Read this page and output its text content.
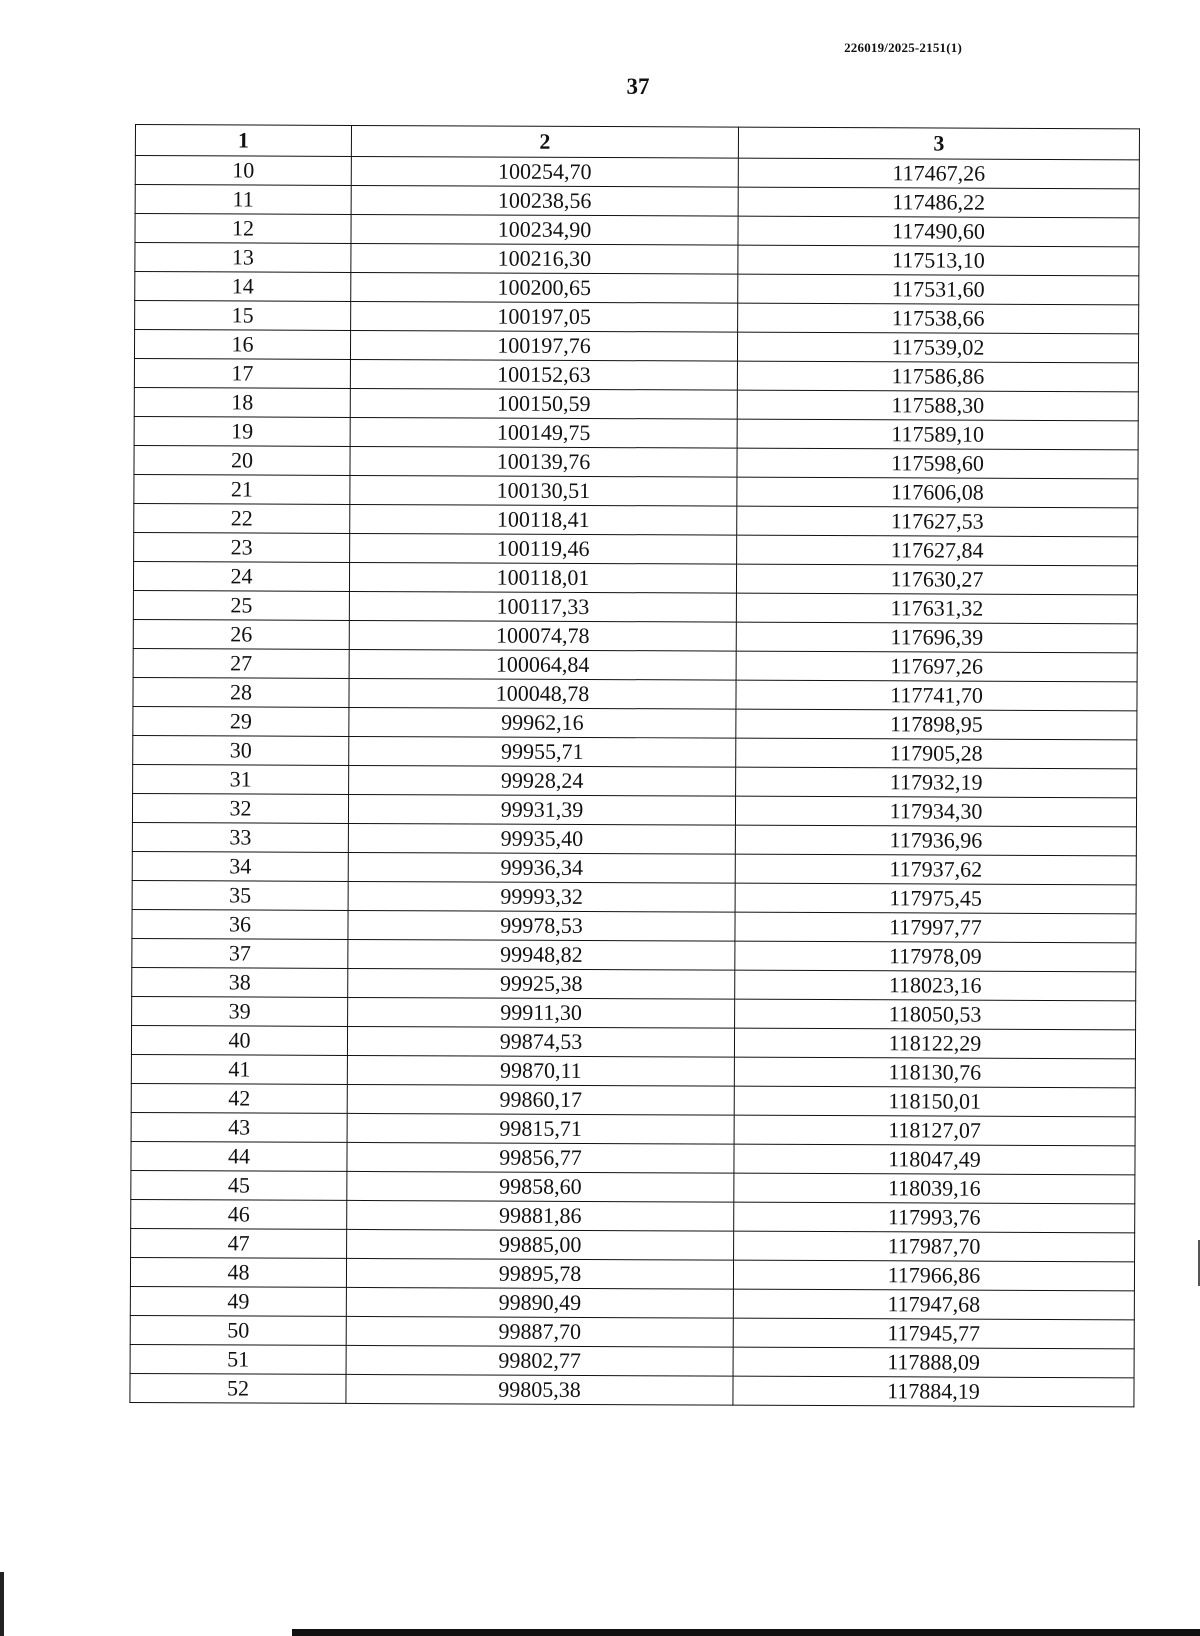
226019/2025-2151(1)
37
1	2	3
10	100254,70	117467,26
11	100238,56	117486,22
12	100234,90	117490,60
13	100216,30	117513,10
14	100200,65	117531,60
15	100197,05	117538,66
16	100197,76	117539,02
17	100152,63	117586,86
18	100150,59	117588,30
19	100149,75	117589,10
20	100139,76	117598,60
21	100130,51	117606,08
22	100118,41	117627,53
23	100119,46	117627,84
24	100118,01	117630,27
25	100117,33	117631,32
26	100074,78	117696,39
27	100064,84	117697,26
28	100048,78	117741,70
29	99962,16	117898,95
30	99955,71	117905,28
31	99928,24	117932,19
32	99931,39	117934,30
33	99935,40	117936,96
34	99936,34	117937,62
35	99993,32	117975,45
36	99978,53	117997,77
37	99948,82	117978,09
38	99925,38	118023,16
39	99911,30	118050,53
40	99874,53	118122,29
41	99870,11	118130,76
42	99860,17	118150,01
43	99815,71	118127,07
44	99856,77	118047,49
45	99858,60	118039,16
46	99881,86	117993,76
47	99885,00	117987,70
48	99895,78	117966,86
49	99890,49	117947,68
50	99887,70	117945,77
51	99802,77	117888,09
52	99805,38	117884,19
